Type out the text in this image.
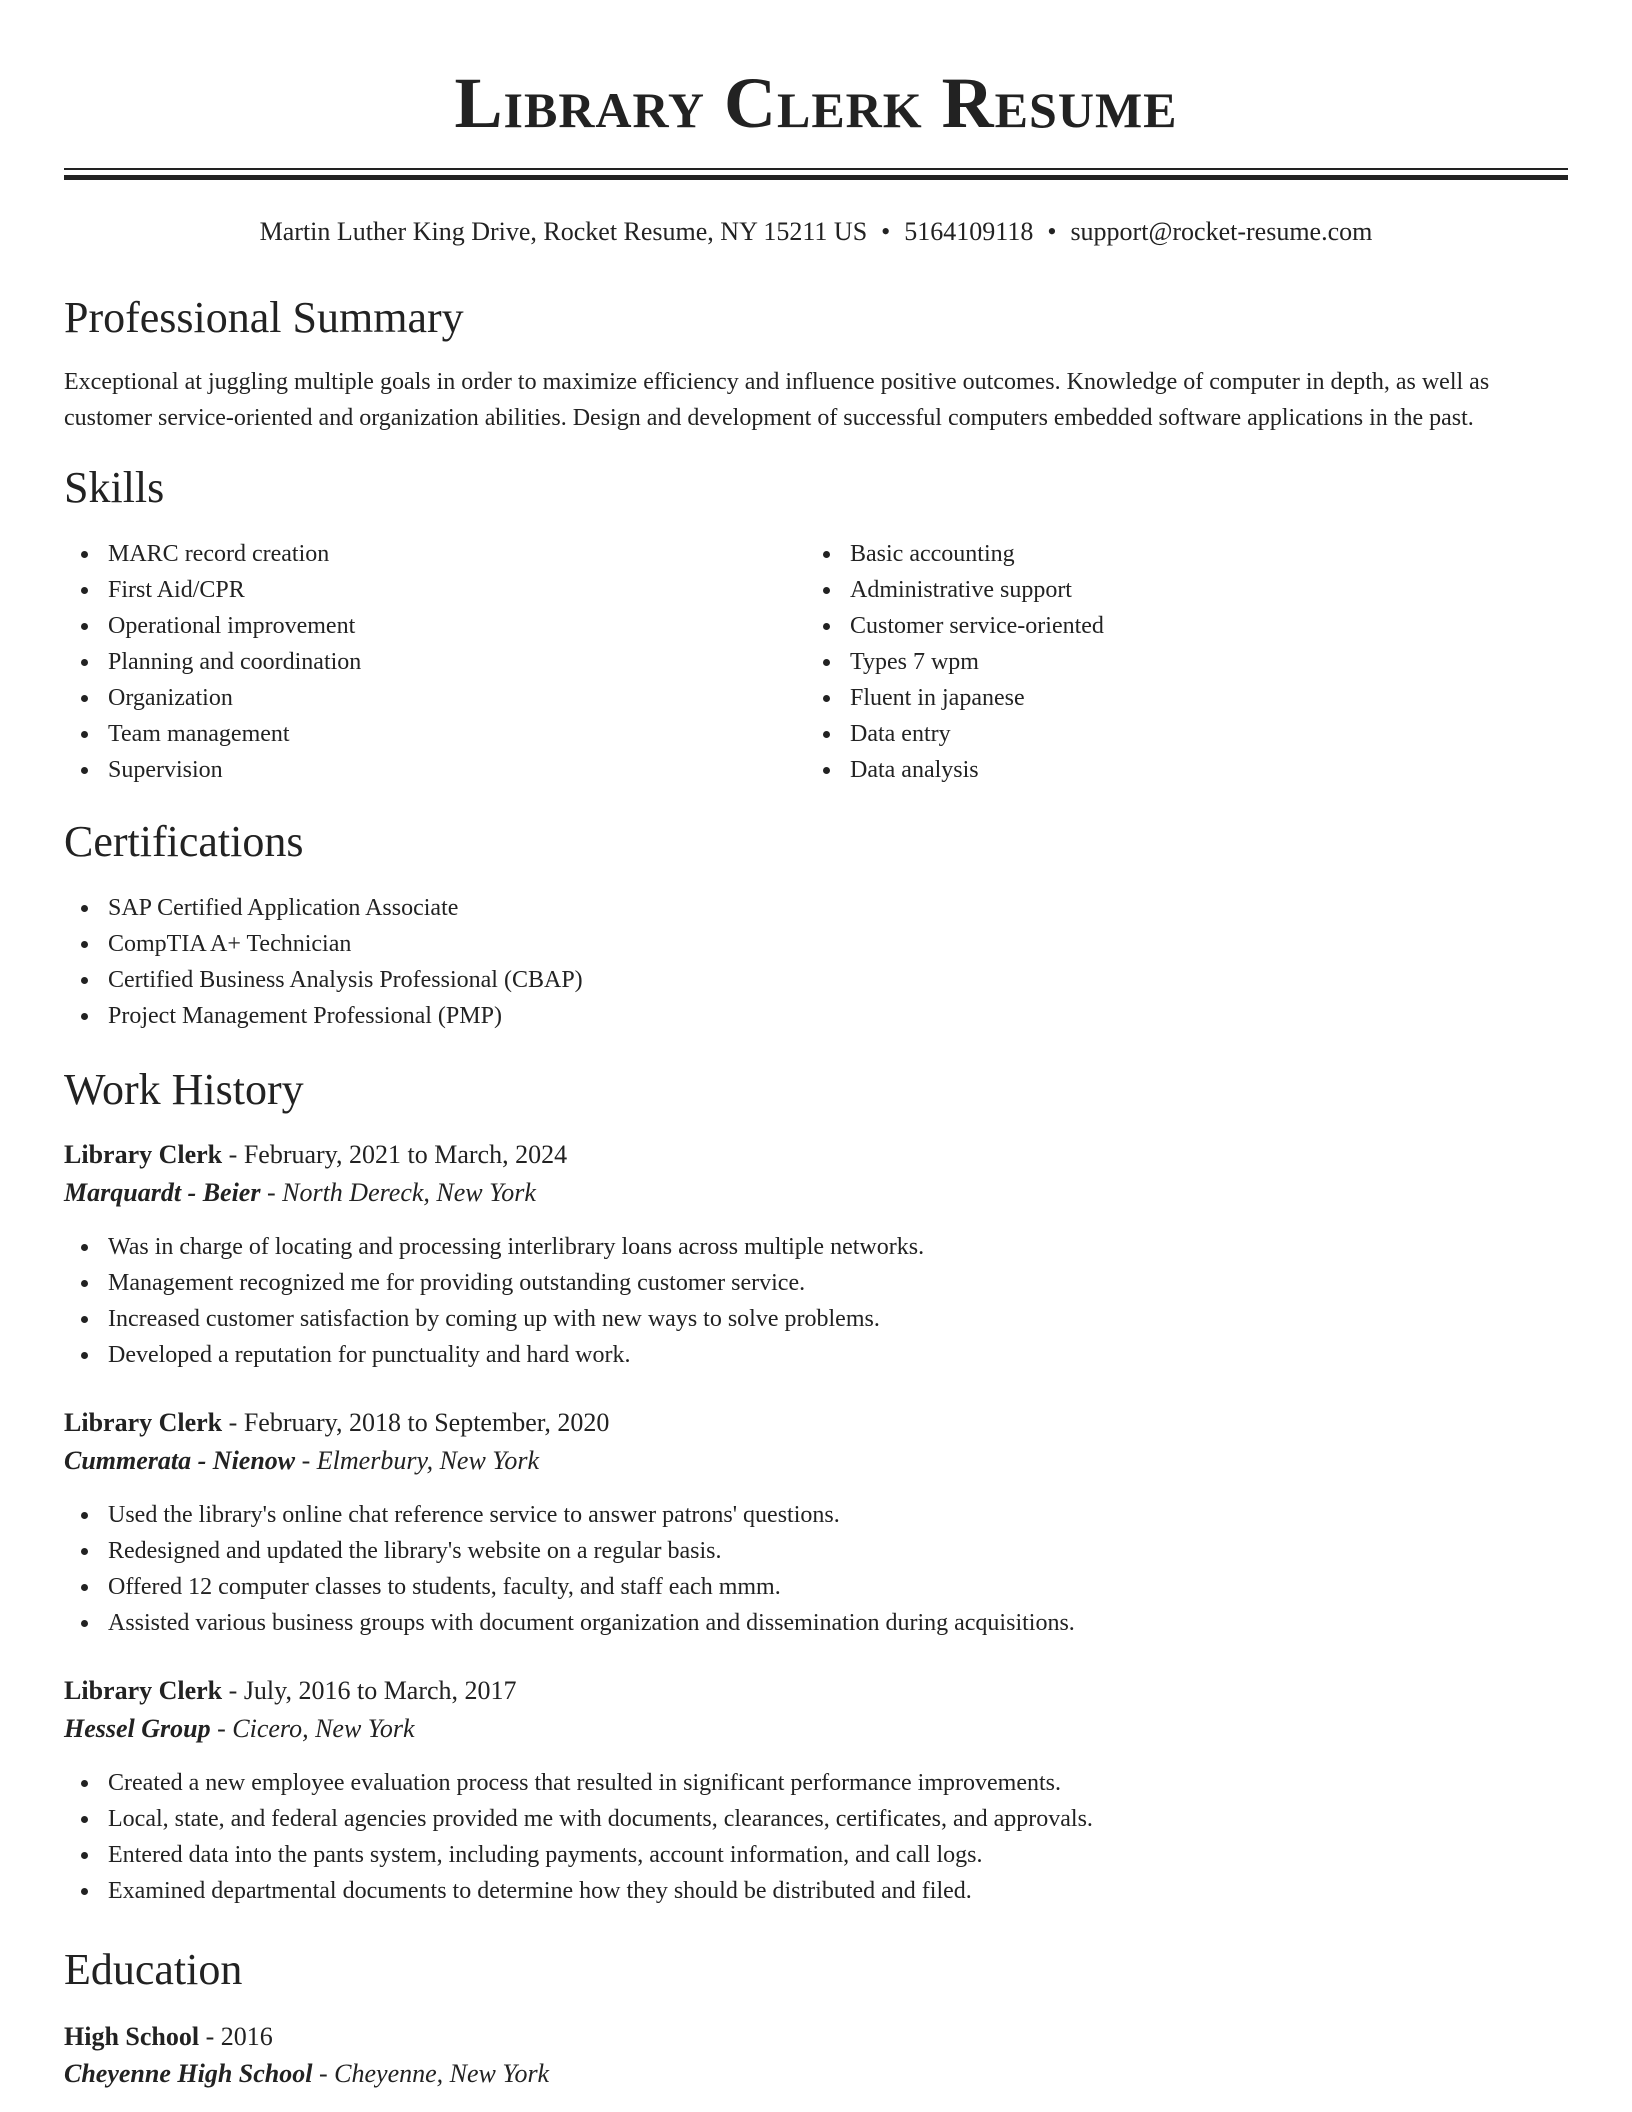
Library Clerk Resume
Martin Luther King Drive, Rocket Resume, NY 15211 US • 5164109118 • support@rocket-resume.com
Professional Summary
Exceptional at juggling multiple goals in order to maximize efficiency and influence positive outcomes. Knowledge of computer in depth, as well as customer service-oriented and organization abilities. Design and development of successful computers embedded software applications in the past.
Skills
MARC record creation
First Aid/CPR
Operational improvement
Planning and coordination
Organization
Team management
Supervision
Basic accounting
Administrative support
Customer service-oriented
Types 7 wpm
Fluent in japanese
Data entry
Data analysis
Certifications
SAP Certified Application Associate
CompTIA A+ Technician
Certified Business Analysis Professional (CBAP)
Project Management Professional (PMP)
Work History
Library Clerk - February, 2021 to March, 2024
Marquardt - Beier - North Dereck, New York
Was in charge of locating and processing interlibrary loans across multiple networks.
Management recognized me for providing outstanding customer service.
Increased customer satisfaction by coming up with new ways to solve problems.
Developed a reputation for punctuality and hard work.
Library Clerk - February, 2018 to September, 2020
Cummerata - Nienow - Elmerbury, New York
Used the library's online chat reference service to answer patrons' questions.
Redesigned and updated the library's website on a regular basis.
Offered 12 computer classes to students, faculty, and staff each mmm.
Assisted various business groups with document organization and dissemination during acquisitions.
Library Clerk - July, 2016 to March, 2017
Hessel Group - Cicero, New York
Created a new employee evaluation process that resulted in significant performance improvements.
Local, state, and federal agencies provided me with documents, clearances, certificates, and approvals.
Entered data into the pants system, including payments, account information, and call logs.
Examined departmental documents to determine how they should be distributed and filed.
Education
High School - 2016
Cheyenne High School - Cheyenne, New York
